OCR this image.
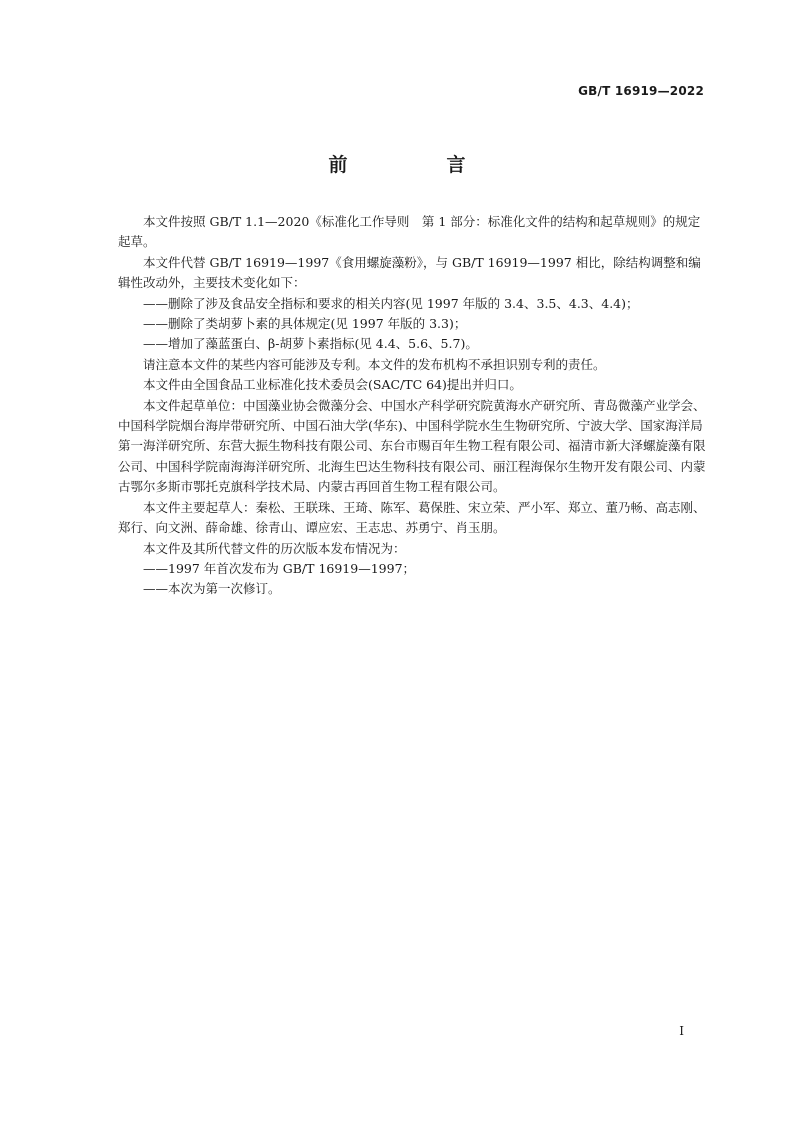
GB/T 16919—2022
前　言

本文件按照 GB/T 1.1—2020《标准化工作导则　第 1 部分：标准化文件的结构和起草规则》的规定起草。

本文件代替 GB/T 16919—1997《食用螺旋藻粉》，与 GB/T 16919—1997 相比，除结构调整和编辑性改动外，主要技术变化如下：

——删除了涉及食品安全指标和要求的相关内容(见 1997 年版的 3.4、3.5、4.3、4.4)；

——删除了类胡萝卜素的具体规定(见 1997 年版的 3.3)；

——增加了藻蓝蛋白、β-胡萝卜素指标(见 4.4、5.6、5.7)。

请注意本文件的某些内容可能涉及专利。本文件的发布机构不承担识别专利的责任。

本文件由全国食品工业标准化技术委员会(SAC/TC 64)提出并归口。

本文件起草单位：中国藻业协会微藻分会、中国水产科学研究院黄海水产研究所、青岛微藻产业学会、中国科学院烟台海岸带研究所、中国石油大学(华东)、中国科学院水生生物研究所、宁波大学、国家海洋局第一海洋研究所、东营大振生物科技有限公司、东台市赐百年生物工程有限公司、福清市新大泽螺旋藻有限公司、中国科学院南海海洋研究所、北海生巴达生物科技有限公司、丽江程海保尔生物开发有限公司、内蒙古鄂尔多斯市鄂托克旗科学技术局、内蒙古再回首生物工程有限公司。

本文件主要起草人：秦松、王联珠、王琦、陈军、葛保胜、宋立荣、严小军、郑立、董乃畅、高志刚、郑行、向文洲、薛命雄、徐青山、谭应宏、王志忠、苏勇宁、肖玉朋。

本文件及其所代替文件的历次版本发布情况为：

——1997 年首次发布为 GB/T 16919—1997；

——本次为第一次修订。

I
